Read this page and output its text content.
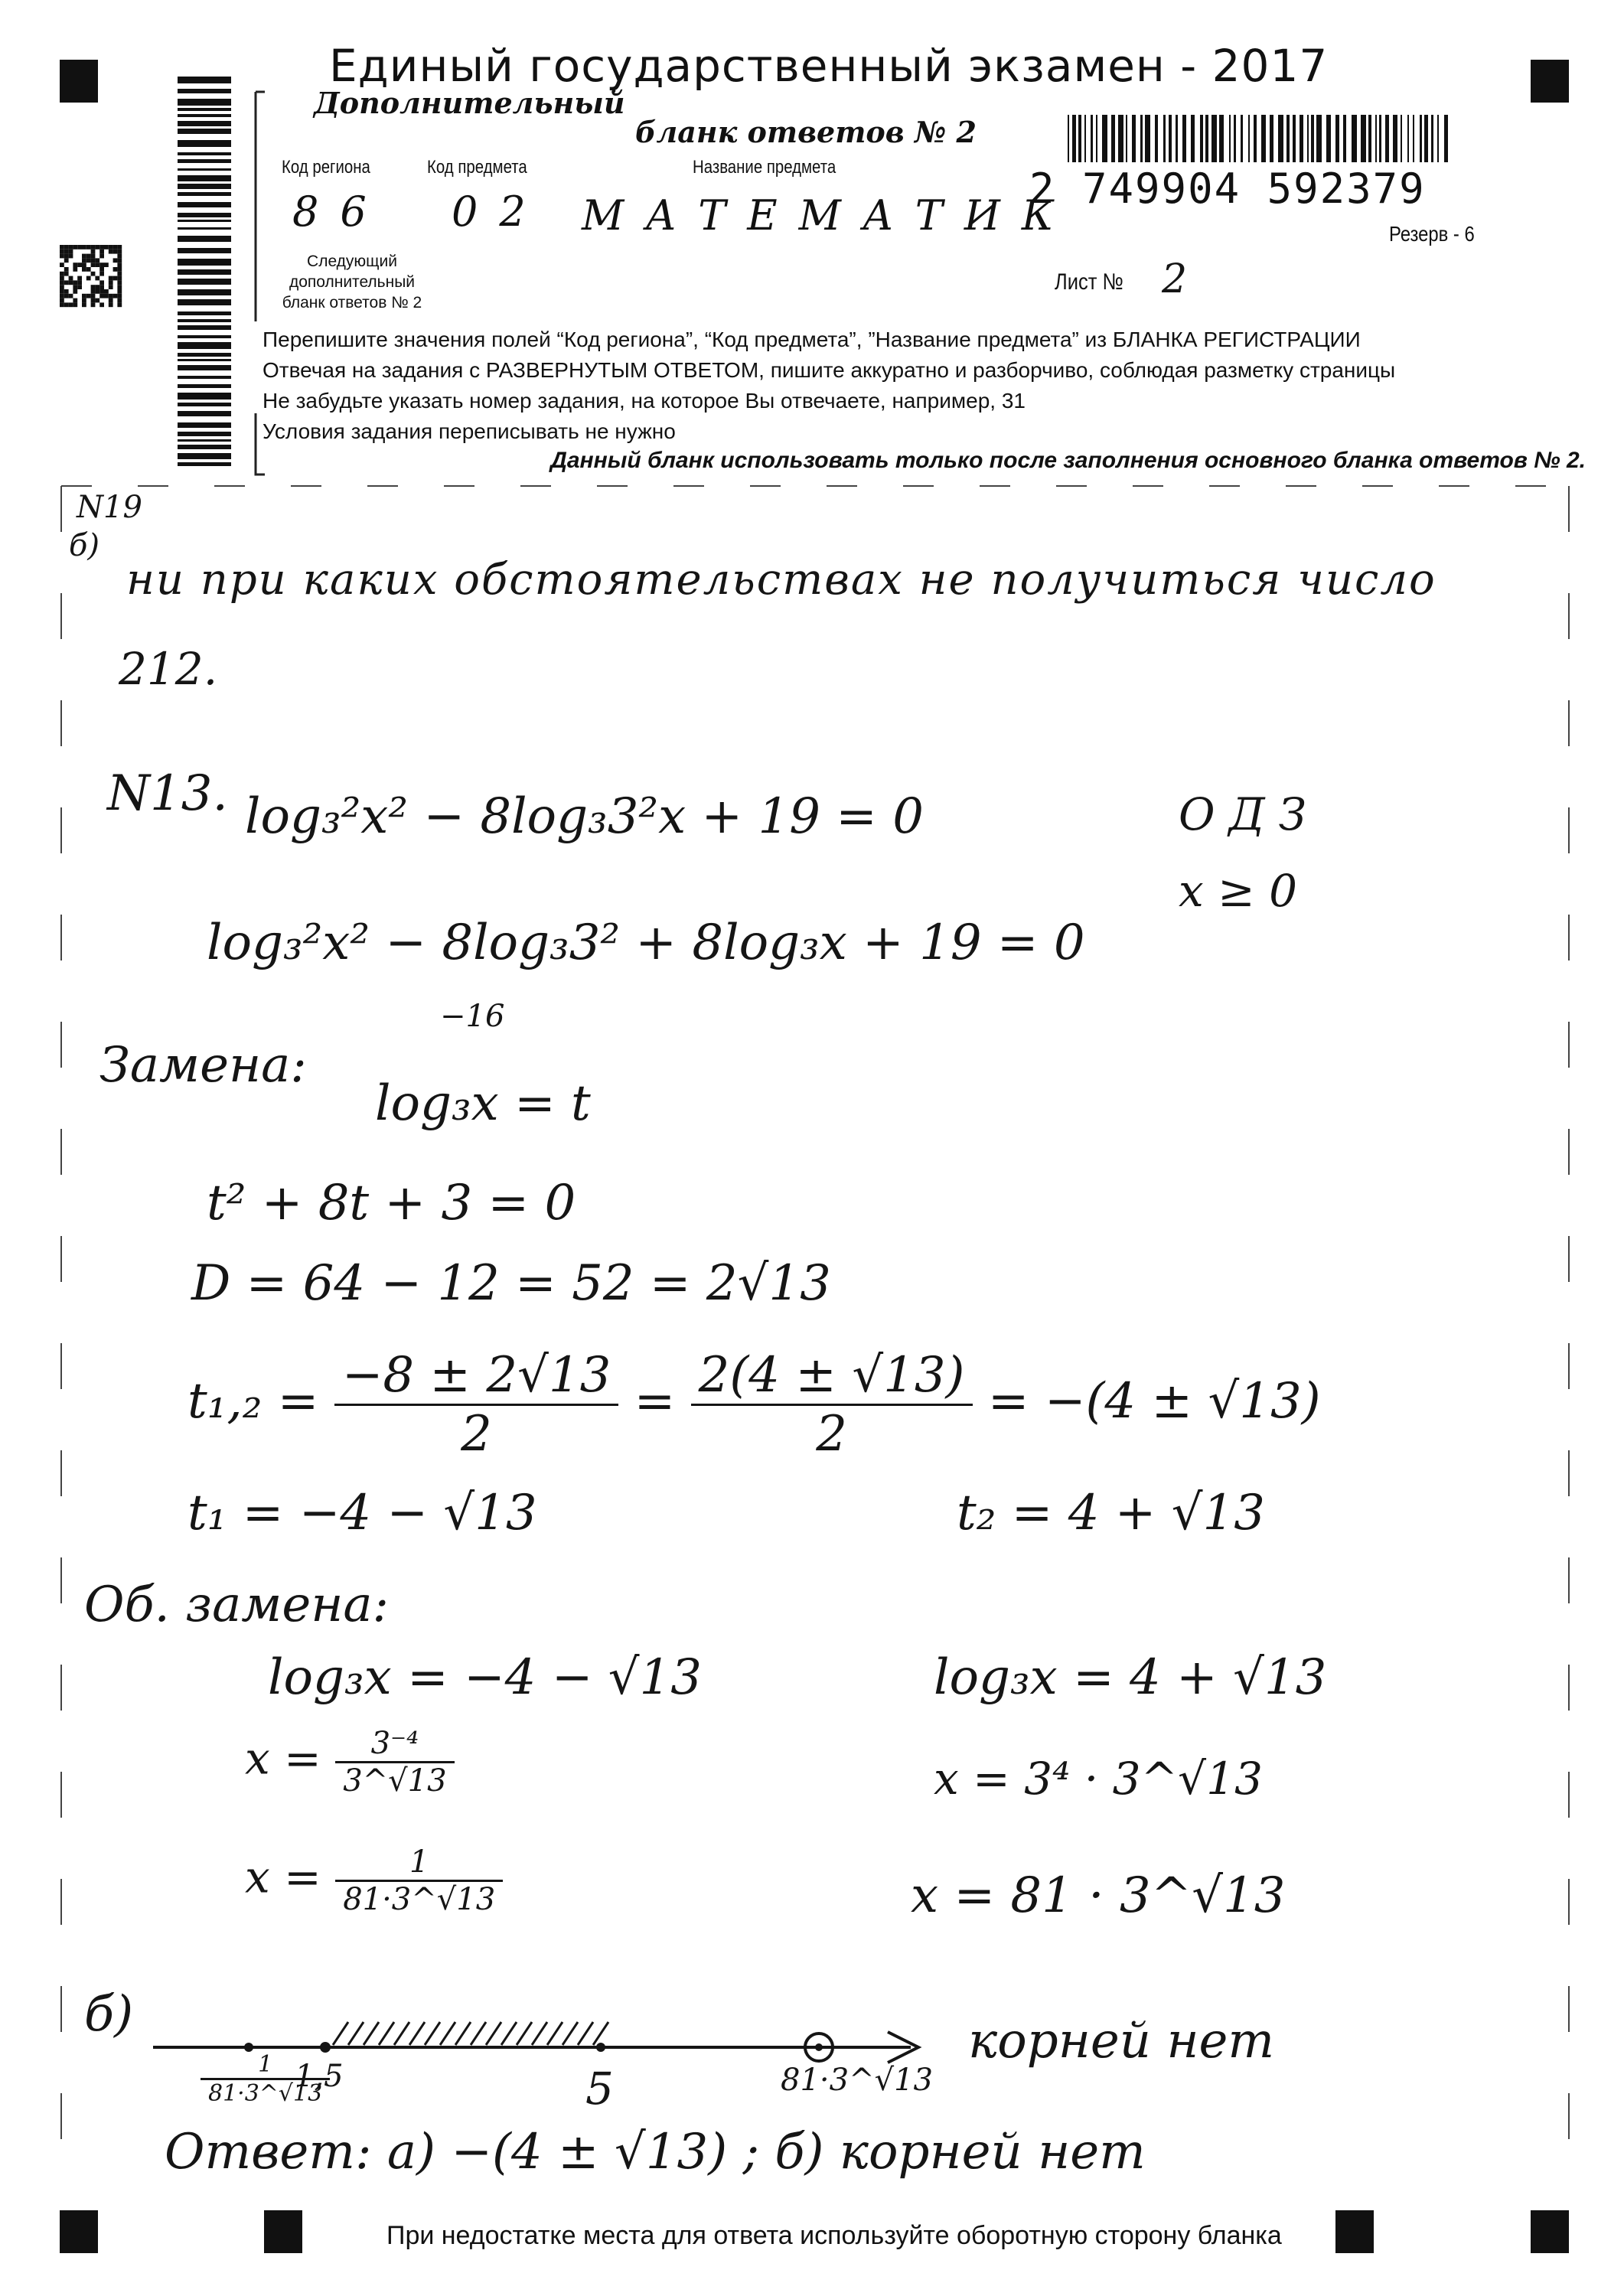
Единый государственный экзамен - 2017
Дополнительный
бланк ответов № 2
Код региона	Код предмета	Название предмета
86 02 МАТЕМАТИК
2 749904 592379
Резерв - 6
Следующий дополнительный бланк ответов № 2
Лист № 2
Перепишите значения полей “Код региона”, “Код предмета”, ”Название предмета” из БЛАНКА РЕГИСТРАЦИИ
Отвечая на задания с РАЗВЕРНУТЫМ ОТВЕТОМ, пишите аккуратно и разборчиво, соблюдая разметку страницы
Не забудьте указать номер задания, на которое Вы отвечаете, например, 31
Условия задания переписывать не нужно
Данный бланк использовать только после заполнения основного бланка ответов № 2.
N19
б)
ни при каких обстоятельствах не получиться число
212.
N13. log₃²x² − 8log₃3²x + 19 = 0	ОДЗ
x ≥ 0
log₃²x² − 8log₃3² + 8log₃x + 19 = 0
−16
Замена:
log₃x = t
t² + 8t + 3 = 0
D = 64 − 12 = 52 = 2√13
$t_1,_2 = \frac{-8 \pm 2√13}{2} = \frac{2(4 \pm √13)}{2} = -(4 \pm √13)$
t₁ = −4 − √13	t₂ = 4 + √13
Об. замена:
log₃x = −4 − √13
$x = \frac{\text{3⁻⁴}}{3\^{}√13}$
$x = \frac{1}{81\cdot 3\^{}√13}$
log₃x = 4 + √13
x = 3⁴ · 3^√13
x = 81 · 3^√13
б)
$\frac{1}{81\cdot 3\^{}√13}$
1,5	5	81·3^√13
корней нет
Ответ: а) −(4 ± √13) ; б) корней нет
При недостатке места для ответа используйте оборотную сторону бланка
